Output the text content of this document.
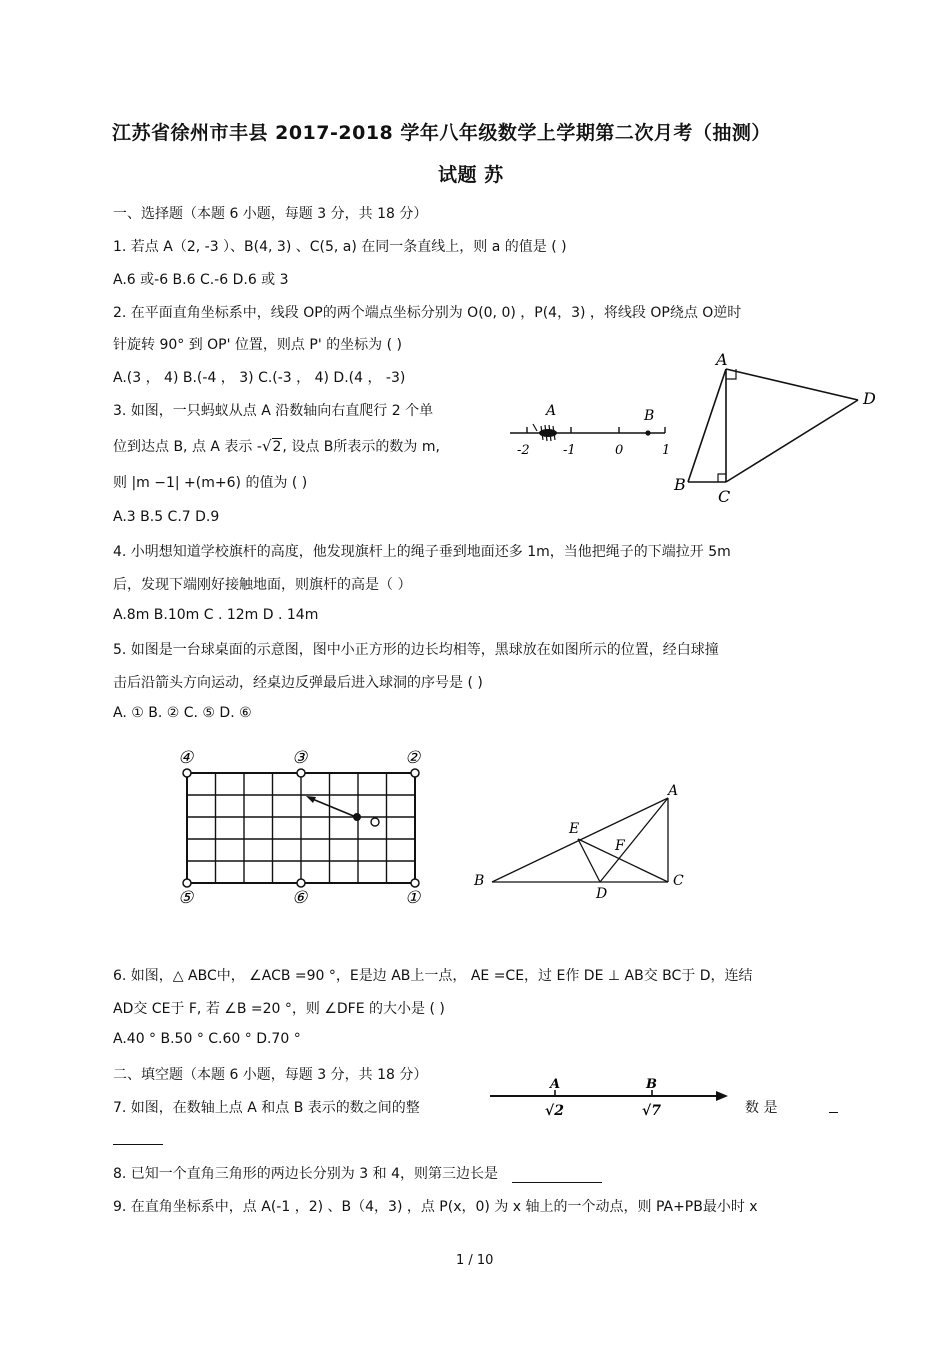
江苏省徐州市丰县 2017-2018 学年八年级数学上学期第二次月考（抽测）
试题 苏
一、选择题（本题 6 小题，每题 3 分，共 18 分）
1. 若点 A（2, -3 ）、B(4, 3) 、C(5, a) 在同一条直线上，则 a 的值是 ( )
A.6 或-6 B.6 C.-6 D.6 或 3
2. 在平面直角坐标系中，线段 OP的两个端点坐标分别为 O(0, 0) ，P(4，3) ，将线段 OP绕点 O逆时
针旋转 90° 到 OP' 位置，则点 P' 的坐标为 ( )
A.(3 ， 4) B.(-4 ， 3) C.(-3 ， 4) D.(4 ， -3)
3. 如图，一只蚂蚁从点 A 沿数轴向右直爬行 2 个单
位到达点 B, 点 A 表示 -√2, 设点 B所表示的数为 m,
则 |m −1| +(m+6) 的值为 ( )
A.3 B.5 C.7 D.9
4. 小明想知道学校旗杆的高度，他发现旗杆上的绳子垂到地面还多 1m，当他把绳子的下端拉开 5m
后，发现下端刚好接触地面，则旗杆的高是（ ）
A.8m B.10m C . 12m D . 14m
5. 如图是一台球桌面的示意图，图中小正方形的边长均相等，黑球放在如图所示的位置，经白球撞
击后沿箭头方向运动，经桌边反弹最后进入球洞的序号是 ( )
A. ① B. ② C. ⑤ D. ⑥
6. 如图，△ ABC中， ∠ACB =90 °，E是边 AB上一点， AE =CE，过 E作 DE ⊥ AB交 BC于 D，连结
AD交 CE于 F, 若 ∠B =20 °，则 ∠DFE 的大小是 ( )
A.40 ° B.50 ° C.60 ° D.70 °
二、填空题（本题 6 小题，每题 3 分，共 18 分）
7. 如图，在数轴上点 A 和点 B 表示的数之间的整	数 是
8. 已知一个直角三角形的两边长分别为 3 和 4，则第三边长是
9. 在直角坐标系中，点 A(-1 ，2) 、B（4，3) ，点 P(x，0) 为 x 轴上的一个动点，则 PA+PB最小时 x
1 / 10
A
D
B
C
A	B
-2	-1	0	1
④	③	②
⑤	⑥	①
A
B	C
D
E
F
A	B
√2	√7
